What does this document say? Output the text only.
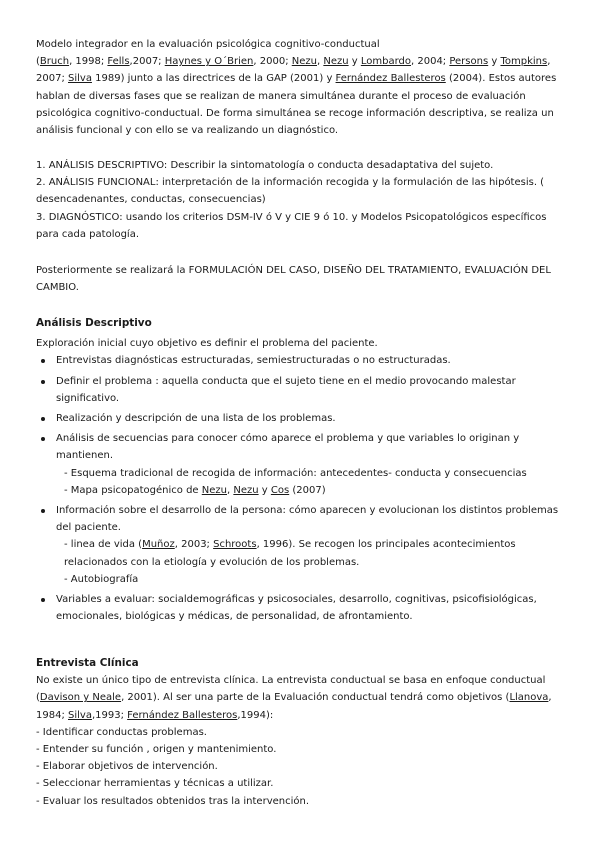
Modelo integrador en la evaluación psicológica cognitivo-conductual

(Bruch, 1998; Fells,2007; Haynes y O´Brien, 2000; Nezu, Nezu y Lombardo, 2004; Persons y Tompkins, 2007; Silva 1989) junto a las directrices de la GAP (2001) y Fernández Ballesteros (2004). Estos autores hablan de diversas fases que se realizan de manera simultánea durante el proceso de evaluación psicológica cognitivo-conductual. De forma simultánea se recoge información descriptiva, se realiza un análisis funcional y con ello se va realizando un diagnóstico.

1. ANÁLISIS DESCRIPTIVO: Describir la sintomatología o conducta desadaptativa del sujeto.

2. ANÁLISIS FUNCIONAL: interpretación de la información recogida y la formulación de las hipótesis. ( desencadenantes, conductas, consecuencias)

3. DIAGNÓSTICO: usando los criterios DSM-IV ó V y CIE 9 ó 10. y Modelos Psicopatológicos específicos para cada patología.

Posteriormente se realizará la FORMULACIÓN DEL CASO, DISEÑO DEL TRATAMIENTO, EVALUACIÓN DEL CAMBIO.

Análisis Descriptivo

Exploración inicial cuyo objetivo es definir el problema del paciente.

Entrevistas diagnósticas estructuradas, semiestructuradas o no estructuradas.
Definir el problema : aquella conducta que el sujeto tiene en el medio provocando malestar significativo.
Realización y descripción de una lista de los problemas.
Análisis de secuencias para conocer cómo aparece el problema y que variables lo originan y mantienen.
- Esquema tradicional de recogida de información: antecedentes- conducta y consecuencias
- Mapa psicopatogénico de Nezu, Nezu y Cos (2007)
Información sobre el desarrollo de la persona: cómo aparecen y evolucionan los distintos problemas del paciente.
- linea de vida (Muñoz, 2003; Schroots, 1996). Se recogen los principales acontecimientos relacionados con la etiología y evolución de los problemas.
- Autobiografía
Variables a evaluar: socialdemográficas y psicosociales, desarrollo, cognitivas, psicofisiológicas, emocionales, biológicas y médicas, de personalidad, de afrontamiento.

Entrevista Clínica

No existe un único tipo de entrevista clínica. La entrevista conductual se basa en enfoque conductual (Davison y Neale, 2001). Al ser una parte de la Evaluación conductual tendrá como objetivos (Llanova, 1984; Silva,1993; Fernández Ballesteros,1994):

- Identificar conductas problemas.

- Entender su función , origen y mantenimiento.

- Elaborar objetivos de intervención.

- Seleccionar herramientas y técnicas a utilizar.

- Evaluar los resultados obtenidos tras la intervención.
